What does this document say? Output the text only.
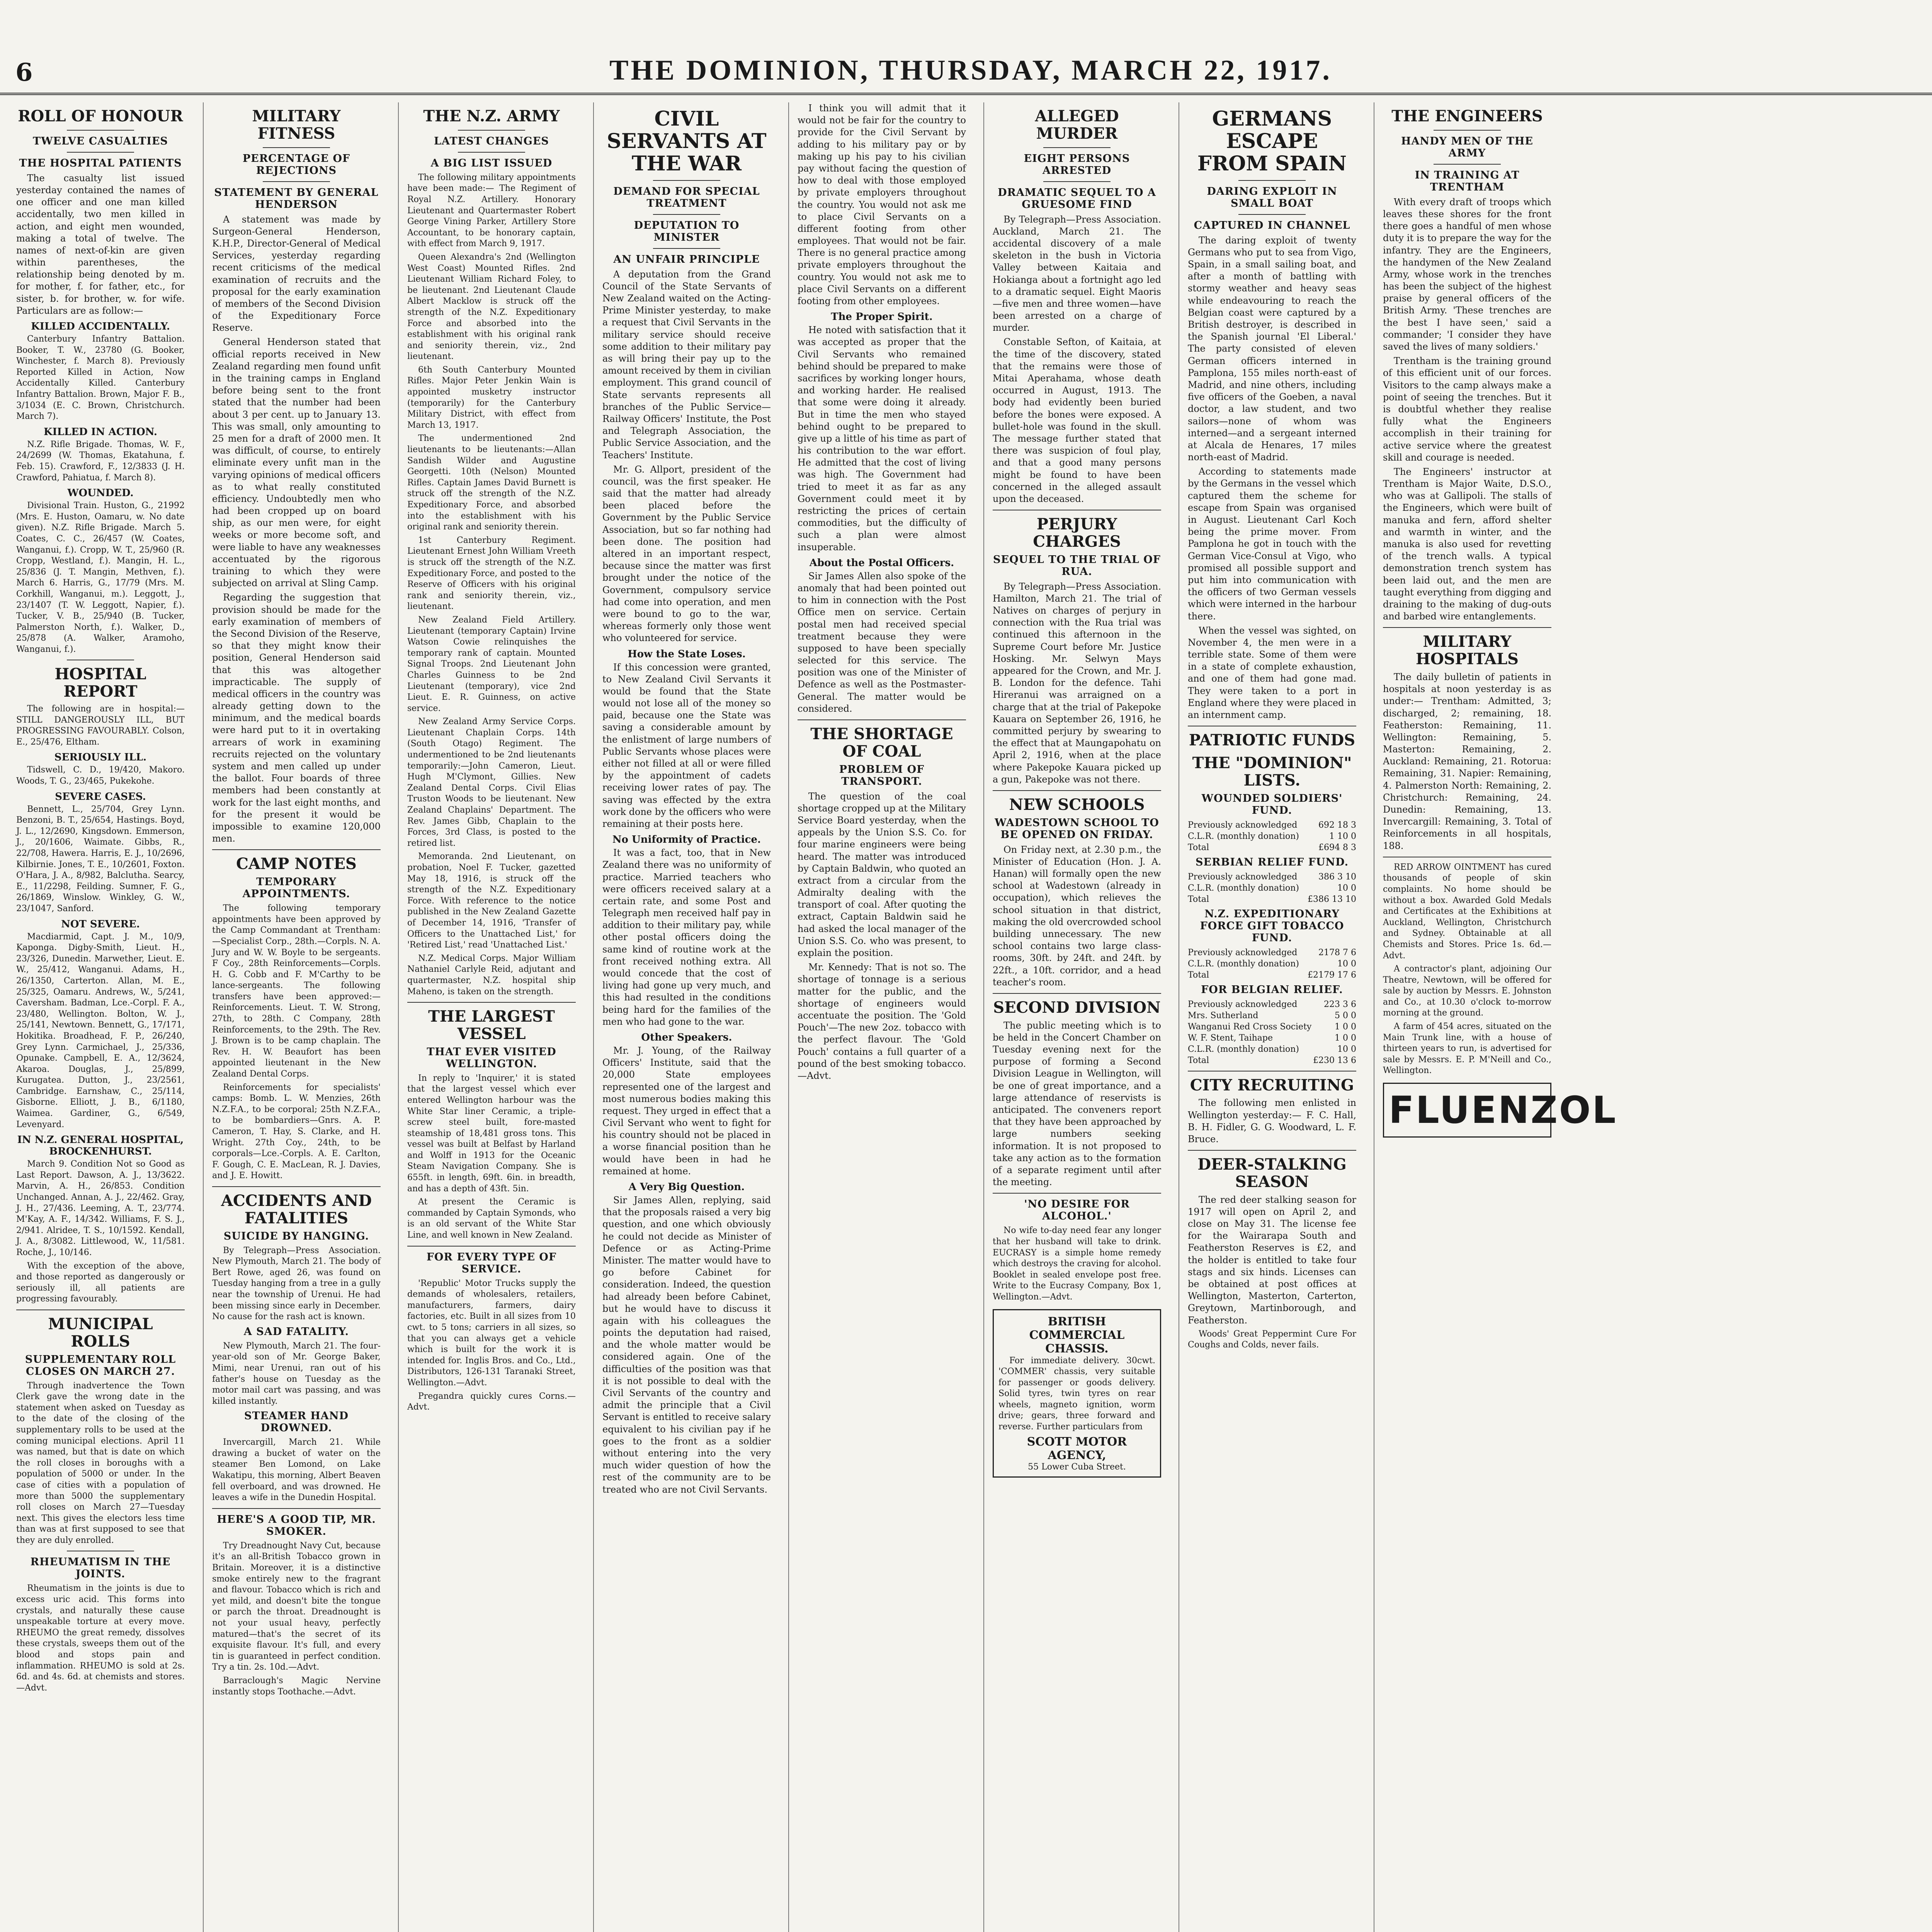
6	THE DOMINION, THURSDAY, MARCH 22, 1917.
ROLL OF HONOUR
TWELVE CASUALTIES
THE HOSPITAL PATIENTS

The casualty list issued yesterday contained the names of one officer and one man killed accidentally, two men killed in action, and eight men wounded, making a total of twelve. The names of next-of-kin are given within parentheses, the relationship being denoted by m. for mother, f. for father, etc., for sister, b. for brother, w. for wife. Particulars are as follow:—

KILLED ACCIDENTALLY.

Canterbury Infantry Battalion. Booker, T. W., 23780 (G. Booker, Winchester, f. March 8). Previously Reported Killed in Action, Now Accidentally Killed. Canterbury Infantry Battalion. Brown, Major F. B., 3/1034 (E. C. Brown, Christchurch. March 7).

KILLED IN ACTION.

N.Z. Rifle Brigade. Thomas, W. F., 24/2699 (W. Thomas, Ekatahuna, f. Feb. 15). Crawford, F., 12/3833 (J. H. Crawford, Pahiatua, f. March 8).

WOUNDED.

Divisional Train. Huston, G., 21992 (Mrs. E. Huston, Oamaru, w. No date given). N.Z. Rifle Brigade. March 5. Coates, C. C., 26/457 (W. Coates, Wanganui, f.). Cropp, W. T., 25/960 (R. Cropp, Westland, f.). Mangin, H. L., 25/836 (J. T. Mangin, Methven, f.). March 6. Harris, G., 17/79 (Mrs. M. Corkhill, Wanganui, m.). Leggott, J., 23/1407 (T. W. Leggott, Napier, f.). Tucker, V. B., 25/940 (B. Tucker, Palmerston North, f.). Walker, D., 25/878 (A. Walker, Aramoho, Wanganui, f.).

HOSPITAL REPORT

The following are in hospital:— STILL DANGEROUSLY ILL, BUT PROGRESSING FAVOURABLY. Colson, E., 25/476, Eltham.

SERIOUSLY ILL.

Tidswell, C. D., 19/420, Makoro. Woods, T. G., 23/465, Pukekohe.

SEVERE CASES.

Bennett, L., 25/704, Grey Lynn. Benzoni, B. T., 25/654, Hastings. Boyd, J. L., 12/2690, Kingsdown. Emmerson, J., 20/1606, Waimate. Gibbs, R., 22/708, Hawera. Harris, E. J., 10/2696, Kilbirnie. Jones, T. E., 10/2601, Foxton. O'Hara, J. A., 8/982, Balclutha. Searcy, E., 11/2298, Feilding. Sumner, F. G., 26/1869, Winslow. Winkley, G. W., 23/1047, Sanford.

NOT SEVERE.

Macdiarmid, Capt. J. M., 10/9, Kaponga. Digby-Smith, Lieut. H., 23/326, Dunedin. Marwether, Lieut. E. W., 25/412, Wanganui. Adams, H., 26/1350, Carterton. Allan, M. E., 25/325, Oamaru. Andrews, W., 5/241, Caversham. Badman, Lce.-Corpl. F. A., 23/480, Wellington. Bolton, W. J., 25/141, Newtown. Bennett, G., 17/171, Hokitika. Broadhead, F. P., 26/240, Grey Lynn. Carmichael, J., 25/336, Opunake. Campbell, E. A., 12/3624, Akaroa. Douglas, J., 25/899, Kurugatea. Dutton, J., 23/2561, Cambridge. Earnshaw, C., 25/114, Gisborne. Elliott, J. B., 6/1180, Waimea. Gardiner, G., 6/549, Levenyard.

IN N.Z. GENERAL HOSPITAL, BROCKENHURST.

March 9. Condition Not so Good as Last Report. Dawson, A. J., 13/3622. Marvin, A. H., 26/853. Condition Unchanged. Annan, A. J., 22/462. Gray, J. H., 27/436. Leeming, A. T., 23/774. M'Kay, A. F., 14/342. Williams, F. S. J., 2/941. Alridee, T. S., 10/1592. Kendall, J. A., 8/3082. Littlewood, W., 11/581. Roche, J., 10/146.

With the exception of the above, and those reported as dangerously or seriously ill, all patients are progressing favourably.

MUNICIPAL ROLLS
SUPPLEMENTARY ROLL CLOSES ON MARCH 27.

Through inadvertence the Town Clerk gave the wrong date in the statement when asked on Tuesday as to the date of the closing of the supplementary rolls to be used at the coming municipal elections. April 11 was named, but that is date on which the roll closes in boroughs with a population of 5000 or under. In the case of cities with a population of more than 5000 the supplementary roll closes on March 27—Tuesday next. This gives the electors less time than was at first supposed to see that they are duly enrolled.

RHEUMATISM IN THE JOINTS.

Rheumatism in the joints is due to excess uric acid. This forms into crystals, and naturally these cause unspeakable torture at every move. RHEUMO the great remedy, dissolves these crystals, sweeps them out of the blood and stops pain and inflammation. RHEUMO is sold at 2s. 6d. and 4s. 6d. at chemists and stores.—Advt.

MILITARY FITNESS
PERCENTAGE OF REJECTIONS
STATEMENT BY GENERAL HENDERSON

A statement was made by Surgeon-General Henderson, K.H.P., Director-General of Medical Services, yesterday regarding recent criticisms of the medical examination of recruits and the proposal for the early examination of members of the Second Division of the Expeditionary Force Reserve.

General Henderson stated that official reports received in New Zealand regarding men found unfit in the training camps in England before being sent to the front stated that the number had been about 3 per cent. up to January 13. This was small, only amounting to 25 men for a draft of 2000 men. It was difficult, of course, to entirely eliminate every unfit man in the varying opinions of medical officers as to what really constituted efficiency. Undoubtedly men who had been cropped up on board ship, as our men were, for eight weeks or more become soft, and were liable to have any weaknesses accentuated by the rigorous training to which they were subjected on arrival at Sling Camp.

Regarding the suggestion that provision should be made for the early examination of members of the Second Division of the Reserve, so that they might know their position, General Henderson said that this was altogether impracticable. The supply of medical officers in the country was already getting down to the minimum, and the medical boards were hard put to it in overtaking arrears of work in examining recruits rejected on the voluntary system and men called up under the ballot. Four boards of three members had been constantly at work for the last eight months, and for the present it would be impossible to examine 120,000 men.

CAMP NOTES
TEMPORARY APPOINTMENTS.

The following temporary appointments have been approved by the Camp Commandant at Trentham:—Specialist Corp., 28th.—Corpls. N. A. Jury and W. W. Boyle to be sergeants. F Coy., 28th Reinforcements—Corpls. H. G. Cobb and F. M'Carthy to be lance-sergeants. The following transfers have been approved:—Reinforcements. Lieut. T. W. Strong, 27th, to 28th. C Company, 28th Reinforcements, to the 29th. The Rev. J. Brown is to be camp chaplain. The Rev. H. W. Beaufort has been appointed lieutenant in the New Zealand Dental Corps.

Reinforcements for specialists' camps: Bomb. L. W. Menzies, 26th N.Z.F.A., to be corporal; 25th N.Z.F.A., to be bombardiers—Gnrs. A. P. Cameron, T. Hay, S. Clarke, and H. Wright. 27th Coy., 24th, to be corporals—Lce.-Corpls. A. E. Carlton, F. Gough, C. E. MacLean, R. J. Davies, and J. E. Howitt.

ACCIDENTS AND FATALITIES
SUICIDE BY HANGING.

By Telegraph—Press Association. New Plymouth, March 21. The body of Bert Rowe, aged 26, was found on Tuesday hanging from a tree in a gully near the township of Urenui. He had been missing since early in December. No cause for the rash act is known.

A SAD FATALITY.

New Plymouth, March 21. The four-year-old son of Mr. George Baker, Mimi, near Urenui, ran out of his father's house on Tuesday as the motor mail cart was passing, and was killed instantly.

STEAMER HAND DROWNED.

Invercargill, March 21. While drawing a bucket of water on the steamer Ben Lomond, on Lake Wakatipu, this morning, Albert Beaven fell overboard, and was drowned. He leaves a wife in the Dunedin Hospital.

HERE'S A GOOD TIP, MR. SMOKER.

Try Dreadnought Navy Cut, because it's an all-British Tobacco grown in Britain. Moreover, it is a distinctive smoke entirely new to the fragrant and flavour. Tobacco which is rich and yet mild, and doesn't bite the tongue or parch the throat. Dreadnought is not your usual heavy, perfectly matured—that's the secret of its exquisite flavour. It's full, and every tin is guaranteed in perfect condition. Try a tin. 2s. 10d.—Advt.

Barraclough's Magic Nervine instantly stops Toothache.—Advt.

THE N.Z. ARMY
LATEST CHANGES
A BIG LIST ISSUED

The following military appointments have been made:— The Regiment of Royal N.Z. Artillery. Honorary Lieutenant and Quartermaster Robert George Vining Parker, Artillery Store Accountant, to be honorary captain, with effect from March 9, 1917.

Queen Alexandra's 2nd (Wellington West Coast) Mounted Rifles. 2nd Lieutenant William Richard Foley, to be lieutenant. 2nd Lieutenant Claude Albert Macklow is struck off the strength of the N.Z. Expeditionary Force and absorbed into the establishment with his original rank and seniority therein, viz., 2nd lieutenant.

6th South Canterbury Mounted Rifles. Major Peter Jenkin Wain is appointed musketry instructor (temporarily) for the Canterbury Military District, with effect from March 13, 1917.

The undermentioned 2nd lieutenants to be lieutenants:—Allan Sandish Wilder and Augustine Georgetti. 10th (Nelson) Mounted Rifles. Captain James David Burnett is struck off the strength of the N.Z. Expeditionary Force, and absorbed into the establishment with his original rank and seniority therein.

1st Canterbury Regiment. Lieutenant Ernest John William Vreeth is struck off the strength of the N.Z. Expeditionary Force, and posted to the Reserve of Officers with his original rank and seniority therein, viz., lieutenant.

New Zealand Field Artillery. Lieutenant (temporary Captain) Irvine Watson Cowie relinquishes the temporary rank of captain. Mounted Signal Troops. 2nd Lieutenant John Charles Guinness to be 2nd Lieutenant (temporary), vice 2nd Lieut. E. R. Guinness, on active service.

New Zealand Army Service Corps. Lieutenant Chaplain Corps. 14th (South Otago) Regiment. The undermentioned to be 2nd lieutenants temporarily:—John Cameron, Lieut. Hugh M'Clymont, Gillies. New Zealand Dental Corps. Civil Elias Truston Woods to be lieutenant. New Zealand Chaplains' Department. The Rev. James Gibb, Chaplain to the Forces, 3rd Class, is posted to the retired list.

Memoranda. 2nd Lieutenant, on probation, Noel F. Tucker, gazetted May 18, 1916, is struck off the strength of the N.Z. Expeditionary Force. With reference to the notice published in the New Zealand Gazette of December 14, 1916, 'Transfer of Officers to the Unattached List,' for 'Retired List,' read 'Unattached List.'

N.Z. Medical Corps. Major William Nathaniel Carlyle Reid, adjutant and quartermaster, N.Z. hospital ship Maheno, is taken on the strength.

THE LARGEST VESSEL
THAT EVER VISITED WELLINGTON.

In reply to 'Inquirer,' it is stated that the largest vessel which ever entered Wellington harbour was the White Star liner Ceramic, a triple-screw steel built, fore-masted steamship of 18,481 gross tons. This vessel was built at Belfast by Harland and Wolff in 1913 for the Oceanic Steam Navigation Company. She is 655ft. in length, 69ft. 6in. in breadth, and has a depth of 43ft. 5in.

At present the Ceramic is commanded by Captain Symonds, who is an old servant of the White Star Line, and well known in New Zealand.

FOR EVERY TYPE OF SERVICE.

'Republic' Motor Trucks supply the demands of wholesalers, retailers, manufacturers, farmers, dairy factories, etc. Built in all sizes from 10 cwt. to 5 tons; carriers in all sizes, so that you can always get a vehicle which is built for the work it is intended for. Inglis Bros. and Co., Ltd., Distributors, 126-131 Taranaki Street, Wellington.—Advt.

Pregandra quickly cures Corns.—Advt.

CIVIL SERVANTS AT THE WAR
DEMAND FOR SPECIAL TREATMENT
DEPUTATION TO MINISTER
AN UNFAIR PRINCIPLE

A deputation from the Grand Council of the State Servants of New Zealand waited on the Acting-Prime Minister yesterday, to make a request that Civil Servants in the military service should receive some addition to their military pay as will bring their pay up to the amount received by them in civilian employment. This grand council of State servants represents all branches of the Public Service—Railway Officers' Institute, the Post and Telegraph Association, the Public Service Association, and the Teachers' Institute.

Mr. G. Allport, president of the council, was the first speaker. He said that the matter had already been placed before the Government by the Public Service Association, but so far nothing had been done. The position had altered in an important respect, because since the matter was first brought under the notice of the Government, compulsory service had come into operation, and men were bound to go to the war, whereas formerly only those went who volunteered for service.

How the State Loses.

If this concession were granted, to New Zealand Civil Servants it would be found that the State would not lose all of the money so paid, because one the State was saving a considerable amount by the enlistment of large numbers of Public Servants whose places were either not filled at all or were filled by the appointment of cadets receiving lower rates of pay. The saving was effected by the extra work done by the officers who were remaining at their posts here.

No Uniformity of Practice.

It was a fact, too, that in New Zealand there was no uniformity of practice. Married teachers who were officers received salary at a certain rate, and some Post and Telegraph men received half pay in addition to their military pay, while other postal officers doing the same kind of routine work at the front received nothing extra. All would concede that the cost of living had gone up very much, and this had resulted in the conditions being hard for the families of the men who had gone to the war.

Other Speakers.

Mr. J. Young, of the Railway Officers' Institute, said that the 20,000 State employees represented one of the largest and most numerous bodies making this request. They urged in effect that a Civil Servant who went to fight for his country should not be placed in a worse financial position than he would have been in had he remained at home.

A Very Big Question.

Sir James Allen, replying, said that the proposals raised a very big question, and one which obviously he could not decide as Minister of Defence or as Acting-Prime Minister. The matter would have to go before Cabinet for consideration. Indeed, the question had already been before Cabinet, but he would have to discuss it again with his colleagues the points the deputation had raised, and the whole matter would be considered again. One of the difficulties of the position was that it is not possible to deal with the Civil Servants of the country and admit the principle that a Civil Servant is entitled to receive salary equivalent to his civilian pay if he goes to the front as a soldier without entering into the very much wider question of how the rest of the community are to be treated who are not Civil Servants.

I think you will admit that it would not be fair for the country to provide for the Civil Servant by adding to his military pay or by making up his pay to his civilian pay without facing the question of how to deal with those employed by private employers throughout the country. You would not ask me to place Civil Servants on a different footing from other employees. That would not be fair. There is no general practice among private employers throughout the country. You would not ask me to place Civil Servants on a different footing from other employees.

The Proper Spirit.

He noted with satisfaction that it was accepted as proper that the Civil Servants who remained behind should be prepared to make sacrifices by working longer hours, and working harder. He realised that some were doing it already. But in time the men who stayed behind ought to be prepared to give up a little of his time as part of his contribution to the war effort. He admitted that the cost of living was high. The Government had tried to meet it as far as any Government could meet it by restricting the prices of certain commodities, but the difficulty of such a plan were almost insuperable.

About the Postal Officers.

Sir James Allen also spoke of the anomaly that had been pointed out to him in connection with the Post Office men on service. Certain postal men had received special treatment because they were supposed to have been specially selected for this service. The position was one of the Minister of Defence as well as the Postmaster-General. The matter would be considered.

THE SHORTAGE OF COAL
PROBLEM OF TRANSPORT.

The question of the coal shortage cropped up at the Military Service Board yesterday, when the appeals by the Union S.S. Co. for four marine engineers were being heard. The matter was introduced by Captain Baldwin, who quoted an extract from a circular from the Admiralty dealing with the transport of coal. After quoting the extract, Captain Baldwin said he had asked the local manager of the Union S.S. Co. who was present, to explain the position.

Mr. Kennedy: That is not so. The shortage of tonnage is a serious matter for the public, and the shortage of engineers would accentuate the position. The 'Gold Pouch'—The new 2oz. tobacco with the perfect flavour. The 'Gold Pouch' contains a full quarter of a pound of the best smoking tobacco.—Advt.

ALLEGED MURDER
EIGHT PERSONS ARRESTED
DRAMATIC SEQUEL TO A GRUESOME FIND

By Telegraph—Press Association. Auckland, March 21. The accidental discovery of a male skeleton in the bush in Victoria Valley between Kaitaia and Hokianga about a fortnight ago led to a dramatic sequel. Eight Maoris—five men and three women—have been arrested on a charge of murder.

Constable Sefton, of Kaitaia, at the time of the discovery, stated that the remains were those of Mitai Aperahama, whose death occurred in August, 1913. The body had evidently been buried before the bones were exposed. A bullet-hole was found in the skull. The message further stated that there was suspicion of foul play, and that a good many persons might be found to have been concerned in the alleged assault upon the deceased.

PERJURY CHARGES
SEQUEL TO THE TRIAL OF RUA.

By Telegraph—Press Association. Hamilton, March 21. The trial of Natives on charges of perjury in connection with the Rua trial was continued this afternoon in the Supreme Court before Mr. Justice Hosking. Mr. Selwyn Mays appeared for the Crown, and Mr. J. B. London for the defence. Tahi Hireranui was arraigned on a charge that at the trial of Pakepoke Kauara on September 26, 1916, he committed perjury by swearing to the effect that at Maungapohatu on April 2, 1916, when at the place where Pakepoke Kauara picked up a gun, Pakepoke was not there.

NEW SCHOOLS
WADESTOWN SCHOOL TO BE OPENED ON FRIDAY.

On Friday next, at 2.30 p.m., the Minister of Education (Hon. J. A. Hanan) will formally open the new school at Wadestown (already in occupation), which relieves the school situation in that district, making the old overcrowded school building unnecessary. The new school contains two large class-rooms, 30ft. by 24ft. and 24ft. by 22ft., a 10ft. corridor, and a head teacher's room.

SECOND DIVISION

The public meeting which is to be held in the Concert Chamber on Tuesday evening next for the purpose of forming a Second Division League in Wellington, will be one of great importance, and a large attendance of reservists is anticipated. The conveners report that they have been approached by large numbers seeking information. It is not proposed to take any action as to the formation of a separate regiment until after the meeting.

'NO DESIRE FOR ALCOHOL.'

No wife to-day need fear any longer that her husband will take to drink. EUCRASY is a simple home remedy which destroys the craving for alcohol. Booklet in sealed envelope post free. Write to the Eucrasy Company, Box 1, Wellington.—Advt.

BRITISH COMMERCIAL CHASSIS.

For immediate delivery. 30cwt. 'COMMER' chassis, very suitable for passenger or goods delivery. Solid tyres, twin tyres on rear wheels, magneto ignition, worm drive; gears, three forward and reverse. Further particulars from

SCOTT MOTOR AGENCY,
55 Lower Cuba Street.
GERMANS ESCAPE FROM SPAIN
DARING EXPLOIT IN SMALL BOAT
CAPTURED IN CHANNEL

The daring exploit of twenty Germans who put to sea from Vigo, Spain, in a small sailing boat, and after a month of battling with stormy weather and heavy seas while endeavouring to reach the Belgian coast were captured by a British destroyer, is described in the Spanish journal 'El Liberal.' The party consisted of eleven German officers interned in Pamplona, 155 miles north-east of Madrid, and nine others, including five officers of the Goeben, a naval doctor, a law student, and two sailors—none of whom was interned—and a sergeant interned at Alcala de Henares, 17 miles north-east of Madrid.

According to statements made by the Germans in the vessel which captured them the scheme for escape from Spain was organised in August. Lieutenant Carl Koch being the prime mover. From Pamplona he got in touch with the German Vice-Consul at Vigo, who promised all possible support and put him into communication with the officers of two German vessels which were interned in the harbour there.

When the vessel was sighted, on November 4, the men were in a terrible state. Some of them were in a state of complete exhaustion, and one of them had gone mad. They were taken to a port in England where they were placed in an internment camp.

PATRIOTIC FUNDS
THE "DOMINION" LISTS.
WOUNDED SOLDIERS' FUND.
Previously acknowledged	692 18 3
C.L.R. (monthly donation)	1 10 0
Total	£694 8 3
SERBIAN RELIEF FUND.
Previously acknowledged	386 3 10
C.L.R. (monthly donation)	10 0
Total	£386 13 10
N.Z. EXPEDITIONARY FORCE GIFT TOBACCO FUND.
Previously acknowledged	2178 7 6
C.L.R. (monthly donation)	10 0
Total	£2179 17 6
FOR BELGIAN RELIEF.
Previously acknowledged	223 3 6
Mrs. Sutherland	5 0 0
Wanganui Red Cross Society	1 0 0
W. F. Stent, Taihape	1 0 0
C.L.R. (monthly donation)	10 0
Total	£230 13 6
CITY RECRUITING

The following men enlisted in Wellington yesterday:— F. C. Hall, B. H. Fidler, G. G. Woodward, L. F. Bruce.

DEER-STALKING SEASON

The red deer stalking season for 1917 will open on April 2, and close on May 31. The license fee for the Wairarapa South and Featherston Reserves is £2, and the holder is entitled to take four stags and six hinds. Licenses can be obtained at post offices at Wellington, Masterton, Carterton, Greytown, Martinborough, and Featherston.

Woods' Great Peppermint Cure For Coughs and Colds, never fails.

THE ENGINEERS
HANDY MEN OF THE ARMY
IN TRAINING AT TRENTHAM

With every draft of troops which leaves these shores for the front there goes a handful of men whose duty it is to prepare the way for the infantry. They are the Engineers, the handymen of the New Zealand Army, whose work in the trenches has been the subject of the highest praise by general officers of the British Army. 'These trenches are the best I have seen,' said a commander; 'I consider they have saved the lives of many soldiers.'

Trentham is the training ground of this efficient unit of our forces. Visitors to the camp always make a point of seeing the trenches. But it is doubtful whether they realise fully what the Engineers accomplish in their training for active service where the greatest skill and courage is needed.

The Engineers' instructor at Trentham is Major Waite, D.S.O., who was at Gallipoli. The stalls of the Engineers, which were built of manuka and fern, afford shelter and warmth in winter, and the manuka is also used for revetting of the trench walls. A typical demonstration trench system has been laid out, and the men are taught everything from digging and draining to the making of dug-outs and barbed wire entanglements.

MILITARY HOSPITALS

The daily bulletin of patients in hospitals at noon yesterday is as under:— Trentham: Admitted, 3; discharged, 2; remaining, 18. Featherston: Remaining, 11. Wellington: Remaining, 5. Masterton: Remaining, 2. Auckland: Remaining, 21. Rotorua: Remaining, 31. Napier: Remaining, 4. Palmerston North: Remaining, 2. Christchurch: Remaining, 24. Dunedin: Remaining, 13. Invercargill: Remaining, 3. Total of Reinforcements in all hospitals, 188.

RED ARROW OINTMENT has cured thousands of people of skin complaints. No home should be without a box. Awarded Gold Medals and Certificates at the Exhibitions at Auckland, Wellington, Christchurch and Sydney. Obtainable at all Chemists and Stores. Price 1s. 6d.—Advt.

A contractor's plant, adjoining Our Theatre, Newtown, will be offered for sale by auction by Messrs. E. Johnston and Co., at 10.30 o'clock to-morrow morning at the ground.

A farm of 454 acres, situated on the Main Trunk line, with a house of thirteen years to run, is advertised for sale by Messrs. E. P. M'Neill and Co., Wellington.

FLUENZOL
